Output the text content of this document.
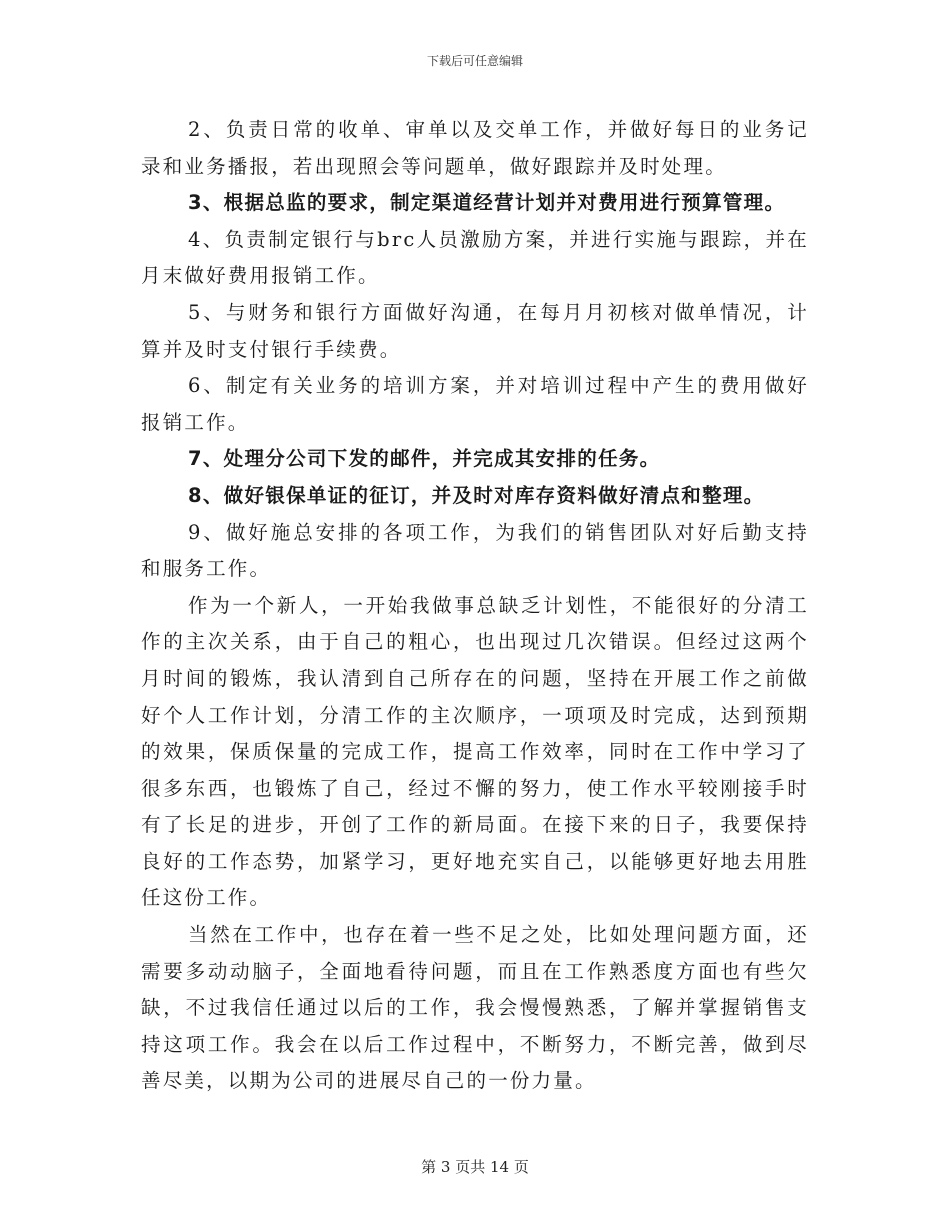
下载后可任意编辑

2、负责日常的收单、审单以及交单工作，并做好每日的业务记录和业务播报，若出现照会等问题单，做好跟踪并及时处理。

3、根据总监的要求，制定渠道经营计划并对费用进行预算管理。

4、负责制定银行与brc人员激励方案，并进行实施与跟踪，并在月末做好费用报销工作。

5、与财务和银行方面做好沟通，在每月月初核对做单情况，计算并及时支付银行手续费。

6、制定有关业务的培训方案，并对培训过程中产生的费用做好报销工作。

7、处理分公司下发的邮件，并完成其安排的任务。

8、做好银保单证的征订，并及时对库存资料做好清点和整理。

9、做好施总安排的各项工作，为我们的销售团队对好后勤支持和服务工作。

作为一个新人，一开始我做事总缺乏计划性，不能很好的分清工作的主次关系，由于自己的粗心，也出现过几次错误。但经过这两个月时间的锻炼，我认清到自己所存在的问题，坚持在开展工作之前做好个人工作计划，分清工作的主次顺序，一项项及时完成，达到预期的效果，保质保量的完成工作，提高工作效率，同时在工作中学习了很多东西，也锻炼了自己，经过不懈的努力，使工作水平较刚接手时有了长足的进步，开创了工作的新局面。在接下来的日子，我要保持良好的工作态势，加紧学习，更好地充实自己，以能够更好地去用胜任这份工作。

当然在工作中，也存在着一些不足之处，比如处理问题方面，还需要多动动脑子，全面地看待问题，而且在工作熟悉度方面也有些欠缺，不过我信任通过以后的工作，我会慢慢熟悉，了解并掌握销售支持这项工作。我会在以后工作过程中，不断努力，不断完善，做到尽善尽美，以期为公司的进展尽自己的一份力量。

第 3 页共 14 页
